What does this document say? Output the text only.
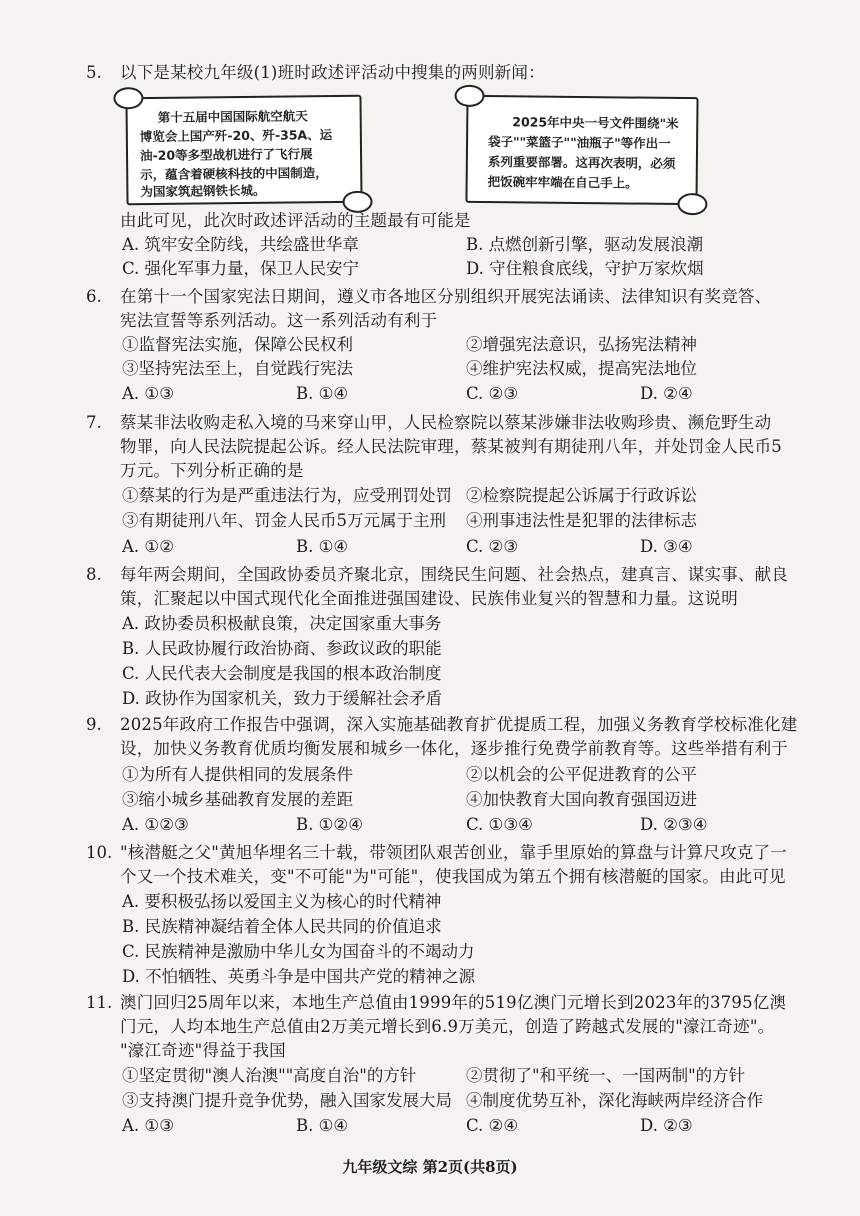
5. 以下是某校九年级(1)班时政述评活动中搜集的两则新闻：
第十五届中国国际航空航天
博览会上国产歼-20、歼-35A、运
油-20等多型战机进行了飞行展
示，蕴含着硬核科技的中国制造，
为国家筑起钢铁长城。
2025年中央一号文件围绕"米
袋子""菜篮子""油瓶子"等作出一
系列重要部署。这再次表明，必须
把饭碗牢牢端在自己手上。
由此可见，此次时政述评活动的主题最有可能是
A. 筑牢安全防线，共绘盛世华章	B. 点燃创新引擎，驱动发展浪潮
C. 强化军事力量，保卫人民安宁	D. 守住粮食底线，守护万家炊烟
6. 在第十一个国家宪法日期间，遵义市各地区分别组织开展宪法诵读、法律知识有奖竞答、
宪法宣誓等系列活动。这一系列活动有利于
①监督宪法实施，保障公民权利	②增强宪法意识，弘扬宪法精神
③坚持宪法至上，自觉践行宪法	④维护宪法权威，提高宪法地位
A. ①③	B. ①④	C. ②③	D. ②④
7. 蔡某非法收购走私入境的马来穿山甲，人民检察院以蔡某涉嫌非法收购珍贵、濒危野生动
物罪，向人民法院提起公诉。经人民法院审理，蔡某被判有期徒刑八年，并处罚金人民币5
万元。下列分析正确的是
①蔡某的行为是严重违法行为，应受刑罚处罚 ②检察院提起公诉属于行政诉讼
③有期徒刑八年、罚金人民币5万元属于主刑 ④刑事违法性是犯罪的法律标志
A. ①②	B. ①④	C. ②③	D. ③④
8. 每年两会期间，全国政协委员齐聚北京，围绕民生问题、社会热点，建真言、谋实事、献良
策，汇聚起以中国式现代化全面推进强国建设、民族伟业复兴的智慧和力量。这说明
A. 政协委员积极献良策，决定国家重大事务
B. 人民政协履行政治协商、参政议政的职能
C. 人民代表大会制度是我国的根本政治制度
D. 政协作为国家机关，致力于缓解社会矛盾
9. 2025年政府工作报告中强调，深入实施基础教育扩优提质工程，加强义务教育学校标准化建
设，加快义务教育优质均衡发展和城乡一体化，逐步推行免费学前教育等。这些举措有利于
①为所有人提供相同的发展条件	②以机会的公平促进教育的公平
③缩小城乡基础教育发展的差距	④加快教育大国向教育强国迈进
A. ①②③	B. ①②④	C. ①③④	D. ②③④
10. "核潜艇之父"黄旭华埋名三十载，带领团队艰苦创业，靠手里原始的算盘与计算尺攻克了一
个又一个技术难关，变"不可能"为"可能"，使我国成为第五个拥有核潜艇的国家。由此可见
A. 要积极弘扬以爱国主义为核心的时代精神
B. 民族精神凝结着全体人民共同的价值追求
C. 民族精神是激励中华儿女为国奋斗的不竭动力
D. 不怕牺牲、英勇斗争是中国共产党的精神之源
11. 澳门回归25周年以来，本地生产总值由1999年的519亿澳门元增长到2023年的3795亿澳
门元，人均本地生产总值由2万美元增长到6.9万美元，创造了跨越式发展的"濠江奇迹"。
"濠江奇迹"得益于我国
①坚定贯彻"澳人治澳""高度自治"的方针	②贯彻了"和平统一、一国两制"的方针
③支持澳门提升竞争优势，融入国家发展大局 ④制度优势互补，深化海峡两岸经济合作
A. ①③	B. ①④	C. ②④	D. ②③
九年级文综 第2页(共8页)
